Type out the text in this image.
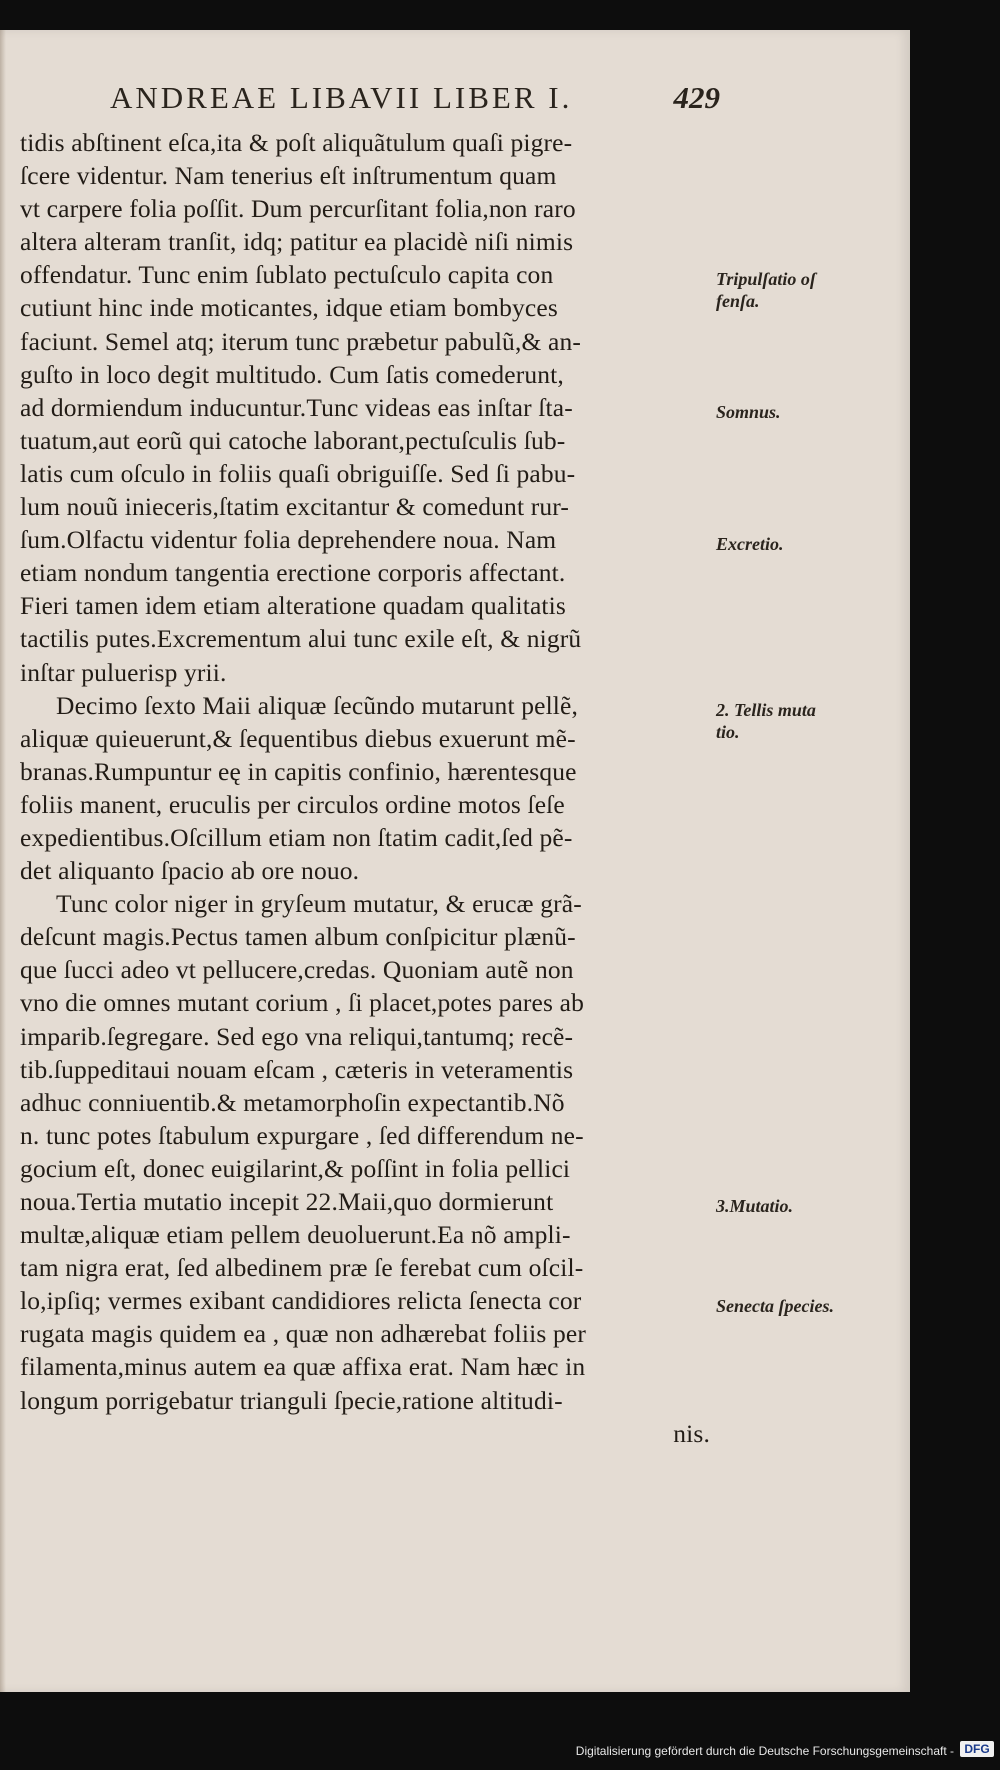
ANDREAE LIBAVII LIBER I.	429
tidis abſtinent eſca,ita & poſt aliquãtulum quaſi pigre-
ſcere videntur. Nam tenerius eſt inſtrumentum quam
vt carpere folia poſſit. Dum percurſitant folia,non raro
altera alteram tranſit, idq; patitur ea placidè niſi nimis
offendatur. Tunc enim ſublato pectuſculo capita con
cutiunt hinc inde moticantes, idque etiam bombyces
faciunt. Semel atq; iterum tunc præbetur pabulũ,& an-
guſto in loco degit multitudo. Cum ſatis comederunt,
ad dormiendum inducuntur.Tunc videas eas inſtar ſta-
tuatum,aut eorũ qui catoche laborant,pectuſculis ſub-
latis cum oſculo in foliis quaſi obriguiſſe. Sed ſi pabu-
lum nouũ inieceris,ſtatim excitantur & comedunt rur-
ſum.Olfactu videntur folia deprehendere noua. Nam
etiam nondum tangentia erectione corporis affectant.
Fieri tamen idem etiam alteratione quadam qualitatis
tactilis putes.Excrementum alui tunc exile eſt, & nigrũ
inſtar puluerisp yrii.
Decimo ſexto Maii aliquæ ſecũndo mutarunt pellẽ,
aliquæ quieuerunt,& ſequentibus diebus exuerunt mẽ-
branas.Rumpuntur eę in capitis confinio, hærentesque
foliis manent, eruculis per circulos ordine motos ſeſe
expedientibus.Oſcillum etiam non ſtatim cadit,ſed pẽ-
det aliquanto ſpacio ab ore nouo.
Tunc color niger in gryſeum mutatur, & erucæ grã-
deſcunt magis.Pectus tamen album conſpicitur plænũ-
que ſucci adeo vt pellucere,credas. Quoniam autẽ non
vno die omnes mutant corium , ſi placet,potes pares ab
imparib.ſegregare. Sed ego vna reliqui,tantumq; recẽ-
tib.ſuppeditaui nouam eſcam , cæteris in veteramentis
adhuc conniuentib.& metamorphoſin expectantib.Nõ
n. tunc potes ſtabulum expurgare , ſed differendum ne-
gocium eſt, donec euigilarint,& poſſint in folia pellici
noua.Tertia mutatio incepit 22.Maii,quo dormierunt
multæ,aliquæ etiam pellem deuoluerunt.Ea nõ ampli-
tam nigra erat, ſed albedinem præ ſe ferebat cum oſcil-
lo,ipſiq; vermes exibant candidiores relicta ſenecta cor
rugata magis quidem ea , quæ non adhærebat foliis per
filamenta,minus autem ea quæ affixa erat. Nam hæc in
longum porrigebatur trianguli ſpecie,ratione altitudi-
nis.
Tripulſatio oſ
fenſa.
Somnus.
Excretio.
2. Tellis muta
tio.
3.Mutatio.
Senecta ſpecies.
Digitalisierung gefördert durch die Deutsche Forschungsgemeinschaft - DFG
